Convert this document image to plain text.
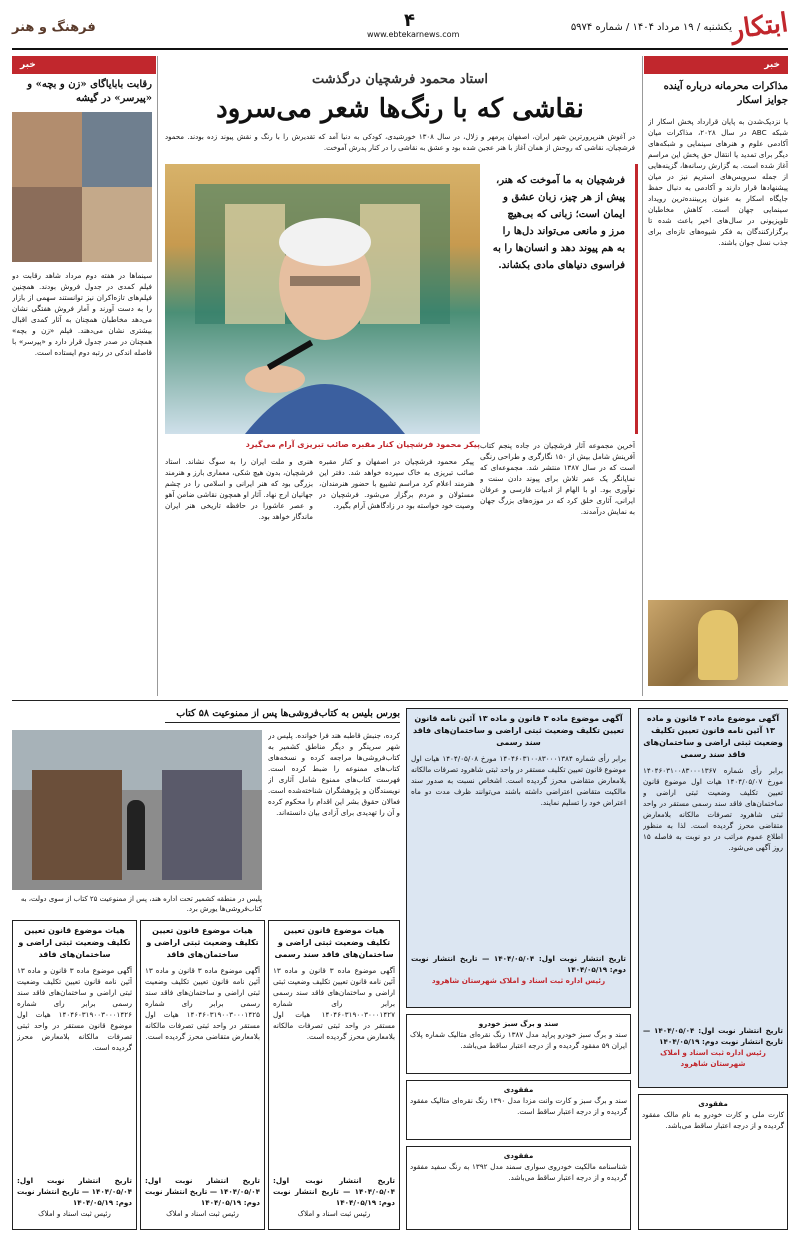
ابتکار
یکشنبه / ۱۹ مرداد ۱۴۰۴ / شماره ۵۹۷۴
۴
www.ebtekarnews.com
فرهنگ و هنر
خبر
مذاکرات محرمانه درباره آینده جوایز اسکار
با نزدیک‌شدن به پایان قرارداد پخش اسکار از شبکه ABC در سال ۲۰۲۸، مذاکرات میان آکادمی علوم و هنرهای سینمایی و شبکه‌های دیگر برای تمدید یا انتقال حق پخش این مراسم آغاز شده است. به گزارش رسانه‌ها، گزینه‌هایی از جمله سرویس‌های استریم نیز در میان پیشنهادها قرار دارند و آکادمی به دنبال حفظ جایگاه اسکار به عنوان پربیننده‌ترین رویداد سینمایی جهان است. کاهش مخاطبان تلویزیونی در سال‌های اخیر باعث شده تا برگزارکنندگان به فکر شیوه‌های تازه‌ای برای جذب نسل جوان باشند.
خبر
رقابت بابایاگای «زن و بچه» و «پیرسر» در گیشه
سینماها در هفته دوم مرداد شاهد رقابت دو فیلم کمدی در جدول فروش بودند. همچنین فیلم‌های تازه‌اکران نیز توانستند سهمی از بازار را به دست آورند و آمار فروش هفتگی نشان می‌دهد مخاطبان همچنان به آثار کمدی اقبال بیشتری نشان می‌دهند. فیلم «زن و بچه» همچنان در صدر جدول قرار دارد و «پیرسر» با فاصله اندکی در رتبه دوم ایستاده است.
استاد محمود فرشچیان درگذشت
نقاشی که با رنگ‌ها شعر می‌سرود
در آغوش هنرپرورترین شهر ایران، اصفهان پرمهر و زلال، در سال ۱۳۰۸ خورشیدی، کودکی به دنیا آمد که تقدیرش را با رنگ و نقش پیوند زده بودند. محمود فرشچیان، نقاشی که روحش از همان آغاز با هنر عجین شده بود و عشق به نقاشی را در کنار پدرش آموخت.
فرشچیان به ما آموخت که هنر، پیش از هر چیز، زبان عشق و ایمان است؛ زبانی که بی‌هیچ مرز و مانعی می‌تواند دل‌ها را به هم پیوند دهد و انسان‌ها را به فراسوی دنیاهای مادی بکشاند.
پیکر محمود فرشچیان کنار مقبره صائب تبریزی آرام می‌گیرد
هنری و ملت ایران را به سوگ نشاند. استاد فرشچیان، بدون هیچ شکی، معماری بارز و هنرمند بزرگی بود که هنر ایرانی و اسلامی را در چشم جهانیان ارج نهاد. آثار او همچون نقاشی ضامن آهو و عصر عاشورا در حافظه تاریخی هنر ایران ماندگار خواهد بود.
پیکر محمود فرشچیان در اصفهان و کنار مقبره صائب تبریزی به خاک سپرده خواهد شد. دفتر این هنرمند اعلام کرد مراسم تشییع با حضور هنرمندان، مسئولان و مردم برگزار می‌شود. فرشچیان در وصیت خود خواسته بود در زادگاهش آرام بگیرد.
آخرین مجموعه آثار فرشچیان در جاده پنجم کتاب آفرینش شامل بیش از ۱۵۰ نگارگری و طراحی رنگی است که در سال ۱۳۸۷ منتشر شد. مجموعه‌ای که نمایانگر یک عمر تلاش برای پیوند دادن سنت و نوآوری بود. او با الهام از ادبیات فارسی و عرفان ایرانی، آثاری خلق کرد که در موزه‌های بزرگ جهان به نمایش درآمدند.
بورس بلیس به کتاب‌فروشی‌ها پس از ممنوعیت ۵۸ کتاب
پلیس در منطقه کشمیر تحت اداره هند، پس از ممنوعیت ۲۵ کتاب از سوی دولت، به کتاب‌فروشی‌ها یورش برد.
کرده، جنبش قاطبه هند فرا خوانده. پلیس در شهر سرینگر و دیگر مناطق کشمیر به کتاب‌فروشی‌ها مراجعه کرده و نسخه‌های کتاب‌های ممنوعه را ضبط کرده است. فهرست کتاب‌های ممنوع شامل آثاری از نویسندگان و پژوهشگران شناخته‌شده است. فعالان حقوق بشر این اقدام را محکوم کرده و آن را تهدیدی برای آزادی بیان دانسته‌اند.
آگهی موضوع ماده ۳ قانون و ماده ۱۳ آئین نامه قانون تعیین تکلیف وضعیت ثبتی اراضی و ساختمان‌های فاقد سند رسمی
برابر رأی شماره ۱۴۰۴۶۰۳۱۰۰۸۳۰۰۰۱۳۶۷ مورخ ۱۴۰۴/۰۵/۰۷ هیات اول موضوع قانون تعیین تکلیف وضعیت ثبتی اراضی و ساختمان‌های فاقد سند رسمی مستقر در واحد ثبتی شاهرود تصرفات مالکانه بلامعارض متقاضی محرز گردیده است. لذا به منظور اطلاع عموم مراتب در دو نوبت به فاصله ۱۵ روز آگهی می‌شود.
تاریخ انتشار نوبت اول: ۱۴۰۴/۰۵/۰۴ — تاریخ انتشار نوبت دوم: ۱۴۰۴/۰۵/۱۹
رئیس اداره ثبت اسناد و املاک شهرستان شاهرود
آگهی موضوع ماده ۳ قانون و ماده ۱۳ آئین نامه قانون تعیین تکلیف وضعیت ثبتی اراضی و ساختمان‌های فاقد سند رسمی
برابر رأی شماره ۱۴۰۴۶۰۳۱۰۰۸۳۰۰۰۱۳۸۴ مورخ ۱۴۰۴/۰۵/۰۸ هیات اول موضوع قانون تعیین تکلیف مستقر در واحد ثبتی شاهرود تصرفات مالکانه بلامعارض متقاضی محرز گردیده است. اشخاص نسبت به صدور سند مالکیت متقاضی اعتراضی داشته باشند می‌توانند ظرف مدت دو ماه اعتراض خود را تسلیم نمایند.
تاریخ انتشار نوبت اول: ۱۴۰۴/۰۵/۰۴ — تاریخ انتشار نوبت دوم: ۱۴۰۴/۰۵/۱۹
رئیس اداره ثبت اسناد و املاک شهرستان شاهرود
هیات موضوع قانون تعیین تکلیف وضعیت ثبتی اراضی و ساختمان‌های فاقد
آگهی موضوع ماده ۳ قانون و ماده ۱۳ آئین نامه قانون تعیین تکلیف وضعیت ثبتی اراضی و ساختمان‌های فاقد سند رسمی برابر رای شماره ۱۴۰۴۶۰۳۱۹۰۰۳۰۰۰۱۴۲۶ هیات اول موضوع قانون مستقر در واحد ثبتی تصرفات مالکانه بلامعارض محرز گردیده است.
تاریخ انتشار نوبت اول: ۱۴۰۴/۰۵/۰۴ — تاریخ انتشار نوبت دوم: ۱۴۰۴/۰۵/۱۹
رئیس ثبت اسناد و املاک
هیات موضوع قانون تعیین تکلیف وضعیت ثبتی اراضی و ساختمان‌های فاقد
آگهی موضوع ماده ۳ قانون و ماده ۱۳ آئین نامه قانون تعیین تکلیف وضعیت ثبتی اراضی و ساختمان‌های فاقد سند رسمی برابر رای شماره ۱۴۰۴۶۰۳۱۹۰۰۳۰۰۰۱۴۲۵ هیات اول مستقر در واحد ثبتی تصرفات مالکانه بلامعارض متقاضی محرز گردیده است.
تاریخ انتشار نوبت اول: ۱۴۰۴/۰۵/۰۴ — تاریخ انتشار نوبت دوم: ۱۴۰۴/۰۵/۱۹
رئیس ثبت اسناد و املاک
هیات موضوع قانون تعیین تکلیف وضعیت ثبتی اراضی و ساختمان‌های فاقد سند رسمی
آگهی موضوع ماده ۳ قانون و ماده ۱۳ آئین نامه قانون تعیین تکلیف وضعیت ثبتی اراضی و ساختمان‌های فاقد سند رسمی برابر رای شماره ۱۴۰۴۶۰۳۱۹۰۰۳۰۰۰۱۴۲۷ هیات اول مستقر در واحد ثبتی تصرفات مالکانه بلامعارض محرز گردیده است.
تاریخ انتشار نوبت اول: ۱۴۰۴/۰۵/۰۴ — تاریخ انتشار نوبت دوم: ۱۴۰۴/۰۵/۱۹
رئیس ثبت اسناد و املاک
سند و برگ سبز خودرو
سند و برگ سبز خودرو پراید مدل ۱۳۸۷ رنگ نقره‌ای متالیک شماره پلاک ایران ۵۹ مفقود گردیده و از درجه اعتبار ساقط می‌باشد.
مفقودی
سند و برگ سبز و کارت وانت مزدا مدل ۱۳۹۰ رنگ نقره‌ای متالیک مفقود گردیده و از درجه اعتبار ساقط است.
مفقودی
شناسنامه مالکیت خودروی سواری سمند مدل ۱۳۹۲ به رنگ سفید مفقود گردیده و از درجه اعتبار ساقط می‌باشد.
مفقودی
کارت ملی و کارت خودرو به نام مالک مفقود گردیده و از درجه اعتبار ساقط می‌باشد.
